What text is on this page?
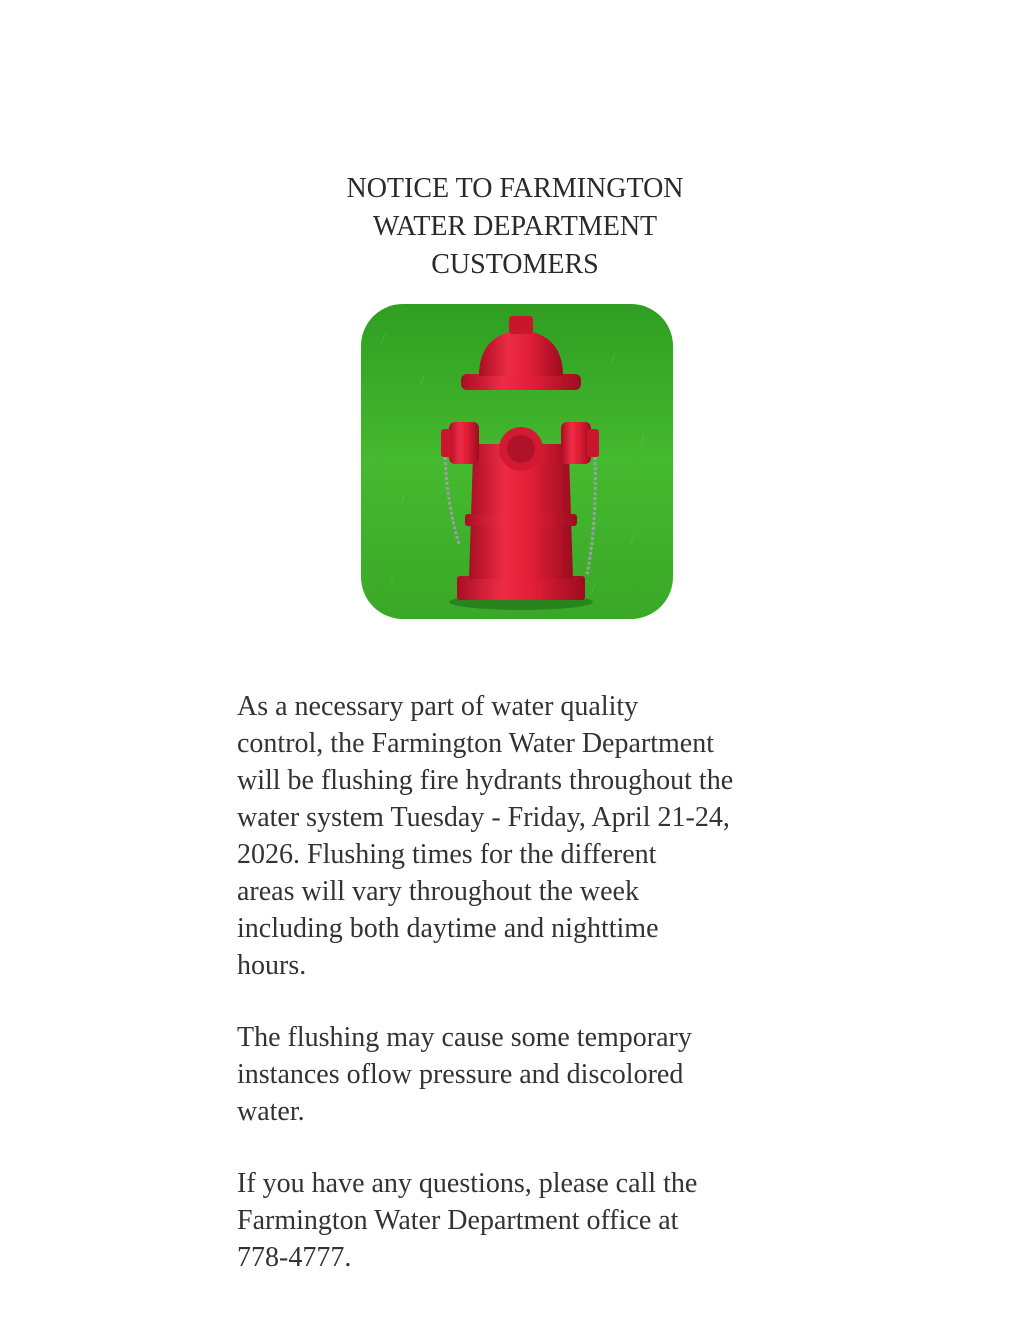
NOTICE TO FARMINGTON
WATER DEPARTMENT
CUSTOMERS

As a necessary part of water quality
control, the Farmington Water Department
will be flushing fire hydrants throughout the
water system Tuesday - Friday, April 21-24,
2026. Flushing times for the different
areas will vary throughout the week
including both daytime and nighttime
hours.

The flushing may cause some temporary
instances oflow pressure and discolored
water.

If you have any questions, please call the
Farmington Water Department office at
778-4777.
